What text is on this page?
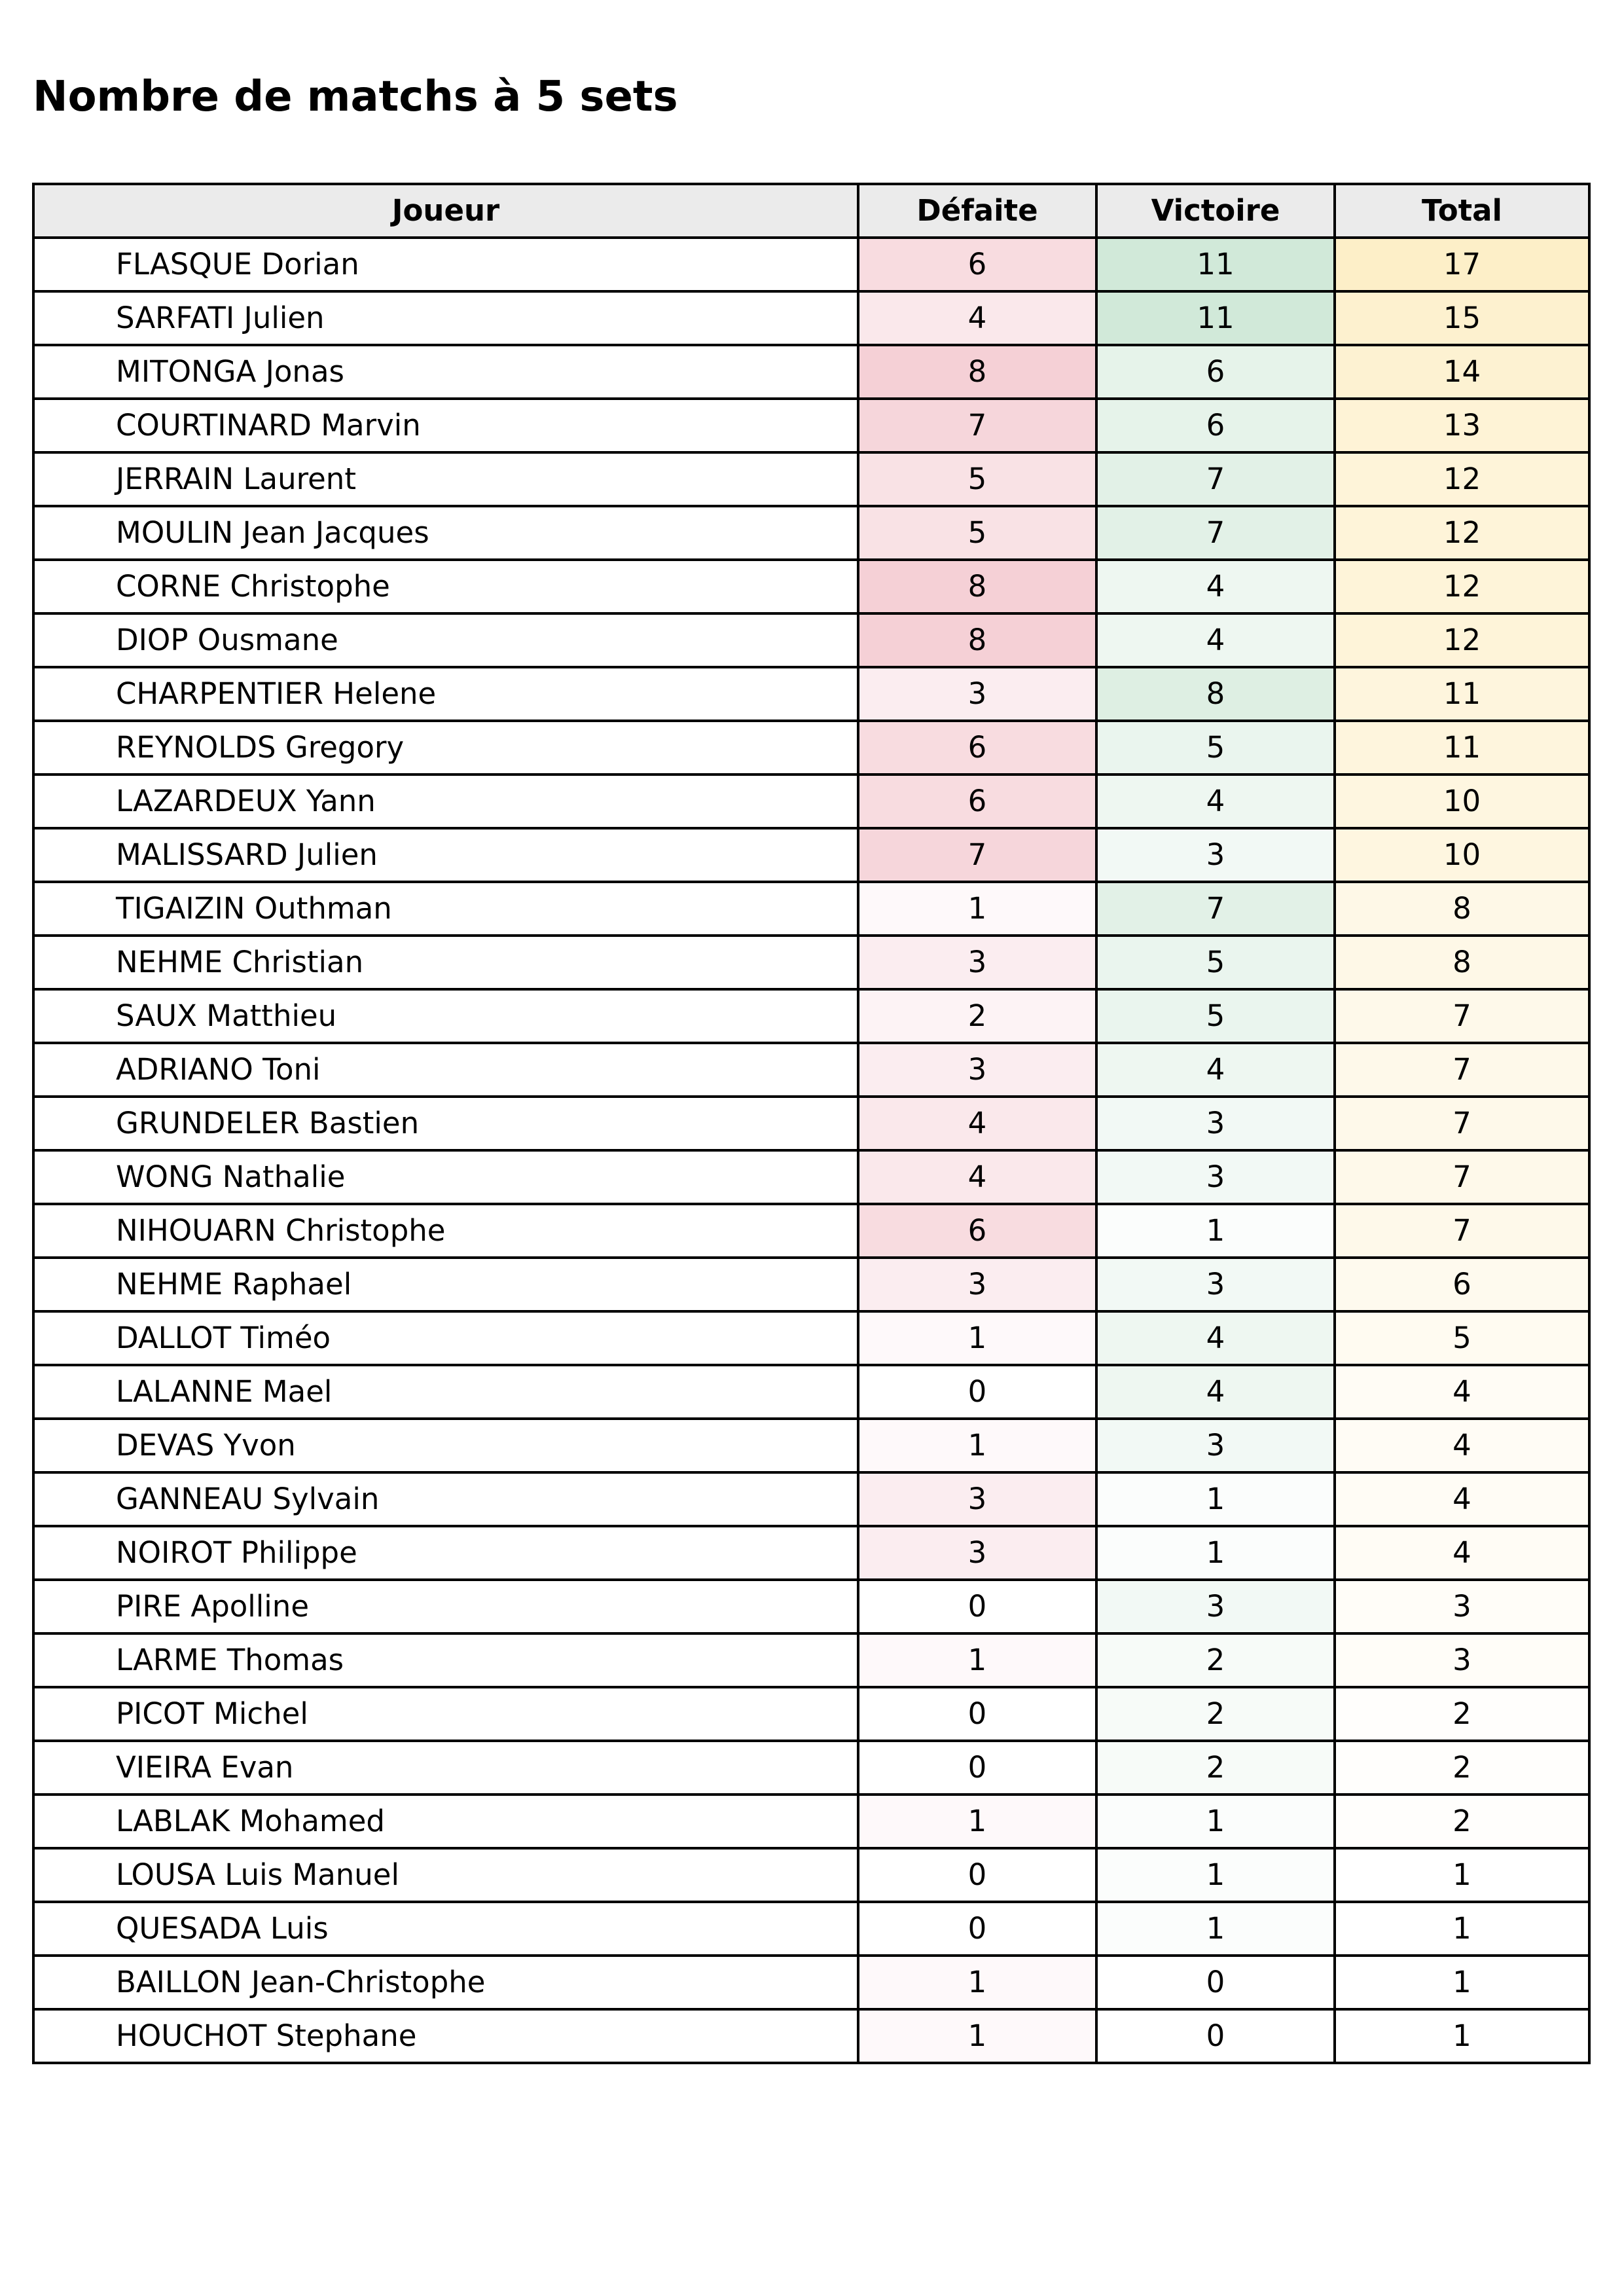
Nombre de matchs à 5 sets
Joueur	Défaite	Victoire	Total
FLASQUE Dorian	6	11	17
SARFATI Julien	4	11	15
MITONGA Jonas	8	6	14
COURTINARD Marvin	7	6	13
JERRAIN Laurent	5	7	12
MOULIN Jean Jacques	5	7	12
CORNE Christophe	8	4	12
DIOP Ousmane	8	4	12
CHARPENTIER Helene	3	8	11
REYNOLDS Gregory	6	5	11
LAZARDEUX Yann	6	4	10
MALISSARD Julien	7	3	10
TIGAIZIN Outhman	1	7	8
NEHME Christian	3	5	8
SAUX Matthieu	2	5	7
ADRIANO Toni	3	4	7
GRUNDELER Bastien	4	3	7
WONG Nathalie	4	3	7
NIHOUARN Christophe	6	1	7
NEHME Raphael	3	3	6
DALLOT Timéo	1	4	5
LALANNE Mael	0	4	4
DEVAS Yvon	1	3	4
GANNEAU Sylvain	3	1	4
NOIROT Philippe	3	1	4
PIRE Apolline	0	3	3
LARME Thomas	1	2	3
PICOT Michel	0	2	2
VIEIRA Evan	0	2	2
LABLAK Mohamed	1	1	2
LOUSA Luis Manuel	0	1	1
QUESADA Luis	0	1	1
BAILLON Jean-Christophe	1	0	1
HOUCHOT Stephane	1	0	1
